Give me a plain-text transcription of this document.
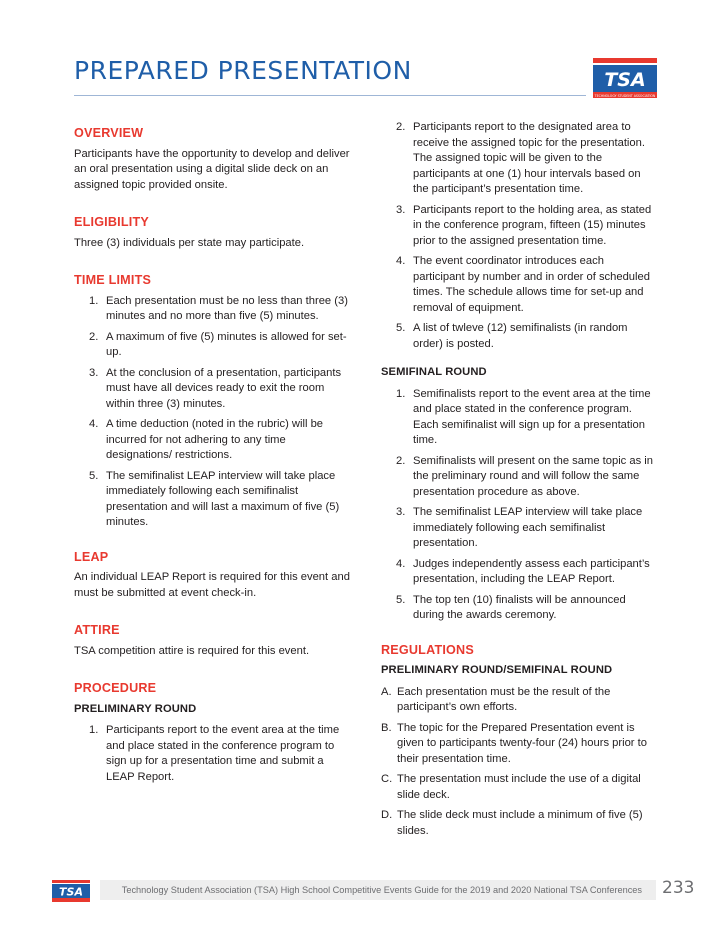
PREPARED PRESENTATION	TSA
TECHNOLOGY STUDENT ASSOCIATION
OVERVIEW

Participants have the opportunity to develop and deliver an oral presentation using a digital slide deck on an assigned topic provided onsite.

ELIGIBILITY

Three (3) individuals per state may participate.

TIME LIMITS
1. Each presentation must be no less than three (3) minutes and no more than five (5) minutes.
2. A maximum of five (5) minutes is allowed for set-up.
3. At the conclusion of a presentation, participants must have all devices ready to exit the room within three (3) minutes.
4. A time deduction (noted in the rubric) will be incurred for not adhering to any time designations/ restrictions.
5. The semifinalist LEAP interview will take place immediately following each semifinalist presentation and will last a maximum of five (5) minutes.
LEAP

An individual LEAP Report is required for this event and must be submitted at event check-in.

ATTIRE

TSA competition attire is required for this event.

PROCEDURE
PRELIMINARY ROUND
1. Participants report to the event area at the time and place stated in the conference program to sign up for a presentation time and submit a LEAP Report.
2. Participants report to the designated area to receive the assigned topic for the presentation. The assigned topic will be given to the participants at one (1) hour intervals based on the participant’s presentation time.
3. Participants report to the holding area, as stated in the conference program, fifteen (15) minutes prior to the assigned presentation time.
4. The event coordinator introduces each participant by number and in order of scheduled times. The schedule allows time for set-up and removal of equipment.
5. A list of twleve (12) semifinalists (in random order) is posted.
SEMIFINAL ROUND
1. Semifinalists report to the event area at the time and place stated in the conference program. Each semifinalist will sign up for a presentation time.
2. Semifinalists will present on the same topic as in the preliminary round and will follow the same presentation procedure as above.
3. The semifinalist LEAP interview will take place immediately following each semifinalist presentation.
4. Judges independently assess each participant’s presentation, including the LEAP Report.
5. The top ten (10) finalists will be announced during the awards ceremony.
REGULATIONS
PRELIMINARY ROUND/SEMIFINAL ROUND
A. Each presentation must be the result of the participant’s own efforts.
B. The topic for the Prepared Presentation event is given to participants twenty-four (24) hours prior to their presentation time.
C. The presentation must include the use of a digital slide deck.
D. The slide deck must include a minimum of five (5) slides.
TSA	Technology Student Association (TSA) High School Competitive Events Guide for the 2019 and 2020 National TSA Conferences	233
